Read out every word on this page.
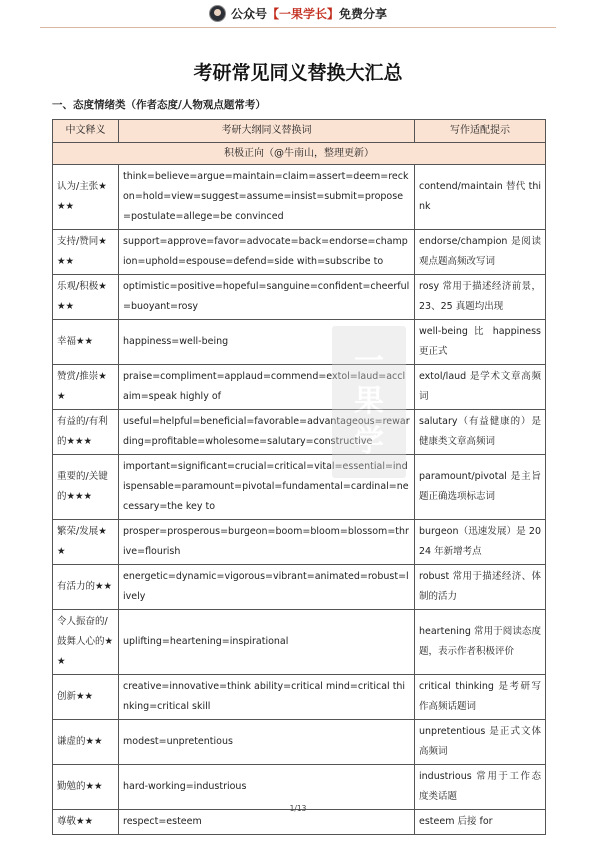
公众号【一果学长】免费分享
考研常见同义替换大汇总
一、态度情绪类（作者态度/人物观点题常考）
中文释义	考研大纲同义替换词	写作适配提示
积极正向（@牛南山，整理更新）		
认为/主张★★★	think=believe=argue=maintain=claim=assert=deem=reckon=hold=view=suggest=assume=insist=submit=propose=postulate=allege=be convinced	contend/maintain 替代 think
支持/赞同★★★	support=approve=favor=advocate=back=endorse=champion=uphold=espouse=defend=side with=subscribe to	endorse/champion 是阅读观点题高频改写词
乐观/积极★★★	optimistic=positive=hopeful=sanguine=confident=cheerful=buoyant=rosy	rosy 常用于描述经济前景，23、25 真题均出现
幸福★★	happiness=well-being	well-being 比 happiness 更正式
赞赏/推崇★★	praise=compliment=applaud=commend=extol=laud=acclaim=speak highly of	extol/laud 是学术文章高频词
有益的/有利的★★★	useful=helpful=beneficial=favorable=advantageous=rewarding=profitable=wholesome=salutary=constructive	salutary（有益健康的）是健康类文章高频词
重要的/关键的★★★	important=significant=crucial=critical=vital=essential=indispensable=paramount=pivotal=fundamental=cardinal=necessary=the key to	paramount/pivotal 是主旨题正确选项标志词
繁荣/发展★★	prosper=prosperous=burgeon=boom=bloom=blossom=thrive=flourish	burgeon（迅速发展）是 2024 年新增考点
有活力的★★	energetic=dynamic=vigorous=vibrant=animated=robust=lively	robust 常用于描述经济、体制的活力
令人振奋的/鼓舞人心的★★	uplifting=heartening=inspirational	heartening 常用于阅读态度题，表示作者积极评价
创新★★	creative=innovative=think ability=critical mind=critical thinking=critical skill	critical thinking 是考研写作高频话题词
谦虚的★★	modest=unpretentious	unpretentious 是正式文体高频词
勤勉的★★	hard-working=industrious	industrious 常用于工作态度类话题
尊敬★★	respect=esteem	esteem 后接 for
一
果
学
1/13
